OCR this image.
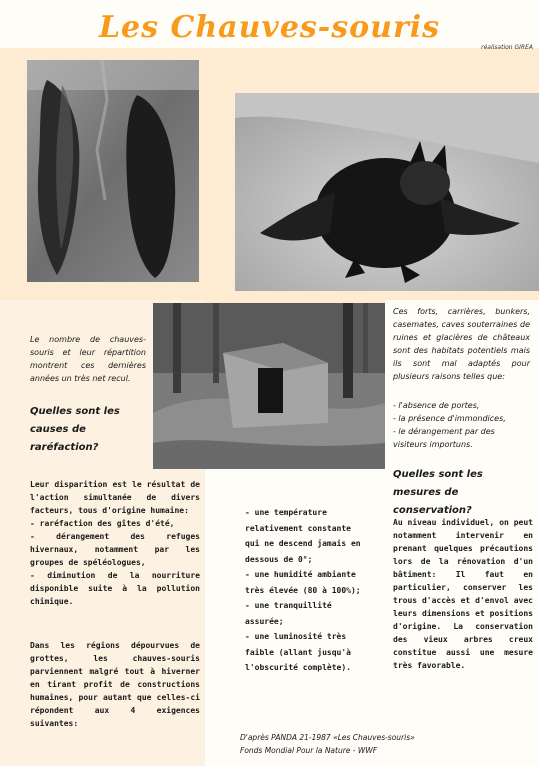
Les Chauves-souris
réalisation GIREA
Le nombre de chauves-souris et leur répartition montrent ces dernières années un très net recul.
Quelles sont les causes de raréfaction?
Leur disparition est le résultat de l'action simultanée de divers facteurs, tous d'origine humaine:
- raréfaction des gîtes d'été,
- dérangement des refuges hivernaux, notamment par les groupes de spéléologues,
- diminution de la nourriture disponible suite à la pollution chimique.
Dans les régions dépourvues de grottes, les chauves-souris parviennent malgré tout à hiverner en tirant profit de constructions humaines, pour autant que celles-ci répondent aux 4 exigences suivantes:
- une température relativement constante qui ne descend jamais en dessous de 0°;
- une humidité ambiante très élevée (80 à 100%);
- une tranquillité assurée;
- une luminosité très faible (allant jusqu'à l'obscurité complète).
Ces forts, carrières, bunkers, casemates, caves souterraines de ruines et glacières de châteaux sont des habitats potentiels mais ils sont mal adaptés pour plusieurs raisons telles que:
- l'absence de portes,
- la présence d'immondices,
- le dérangement par des visiteurs importuns.
Quelles sont les mesures de conservation?
Au niveau individuel, on peut notamment intervenir en prenant quelques précautions lors de la rénovation d'un bâtiment: Il faut en particulier, conserver les trous d'accès et d'envol avec leurs dimensions et positions d'origine. La conservation des vieux arbres creux constitue aussi une mesure très favorable.
D'après PANDA 21-1987 «Les Chauves-souris»
Fonds Mondial Pour la Nature - WWF
